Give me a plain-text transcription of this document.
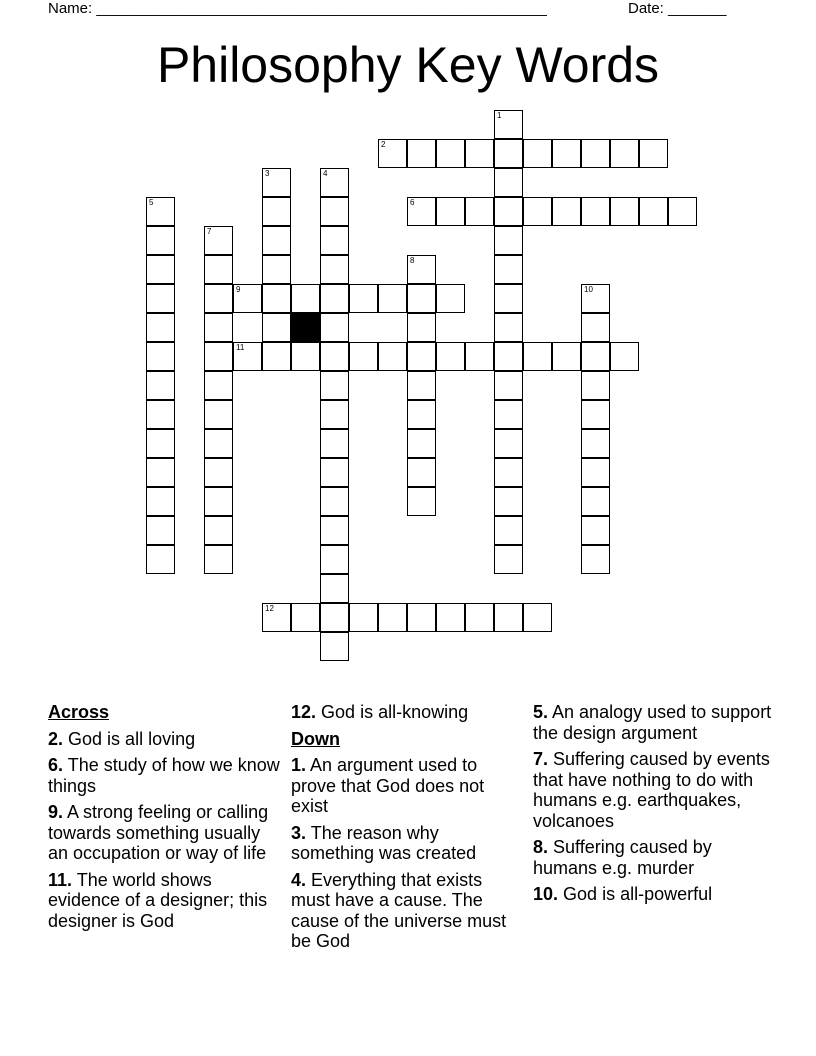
Name: ______________________________________________________	Date: _______
Philosophy Key Words
1
2
3	4
5	6
7
8
9	10
11
12
Across
2. God is all loving
6. The study of how we know things
9. A strong feeling or calling towards something usually an occupation or way of life
11. The world shows evidence of a designer; this designer is God
12. God is all-knowing
Down
1. An argument used to prove that God does not exist
3. The reason why something was created
4. Everything that exists must have a cause. The cause of the universe must be God
5. An analogy used to support the design argument
7. Suffering caused by events that have nothing to do with humans e.g. earthquakes, volcanoes
8. Suffering caused by humans e.g. murder
10. God is all-powerful
